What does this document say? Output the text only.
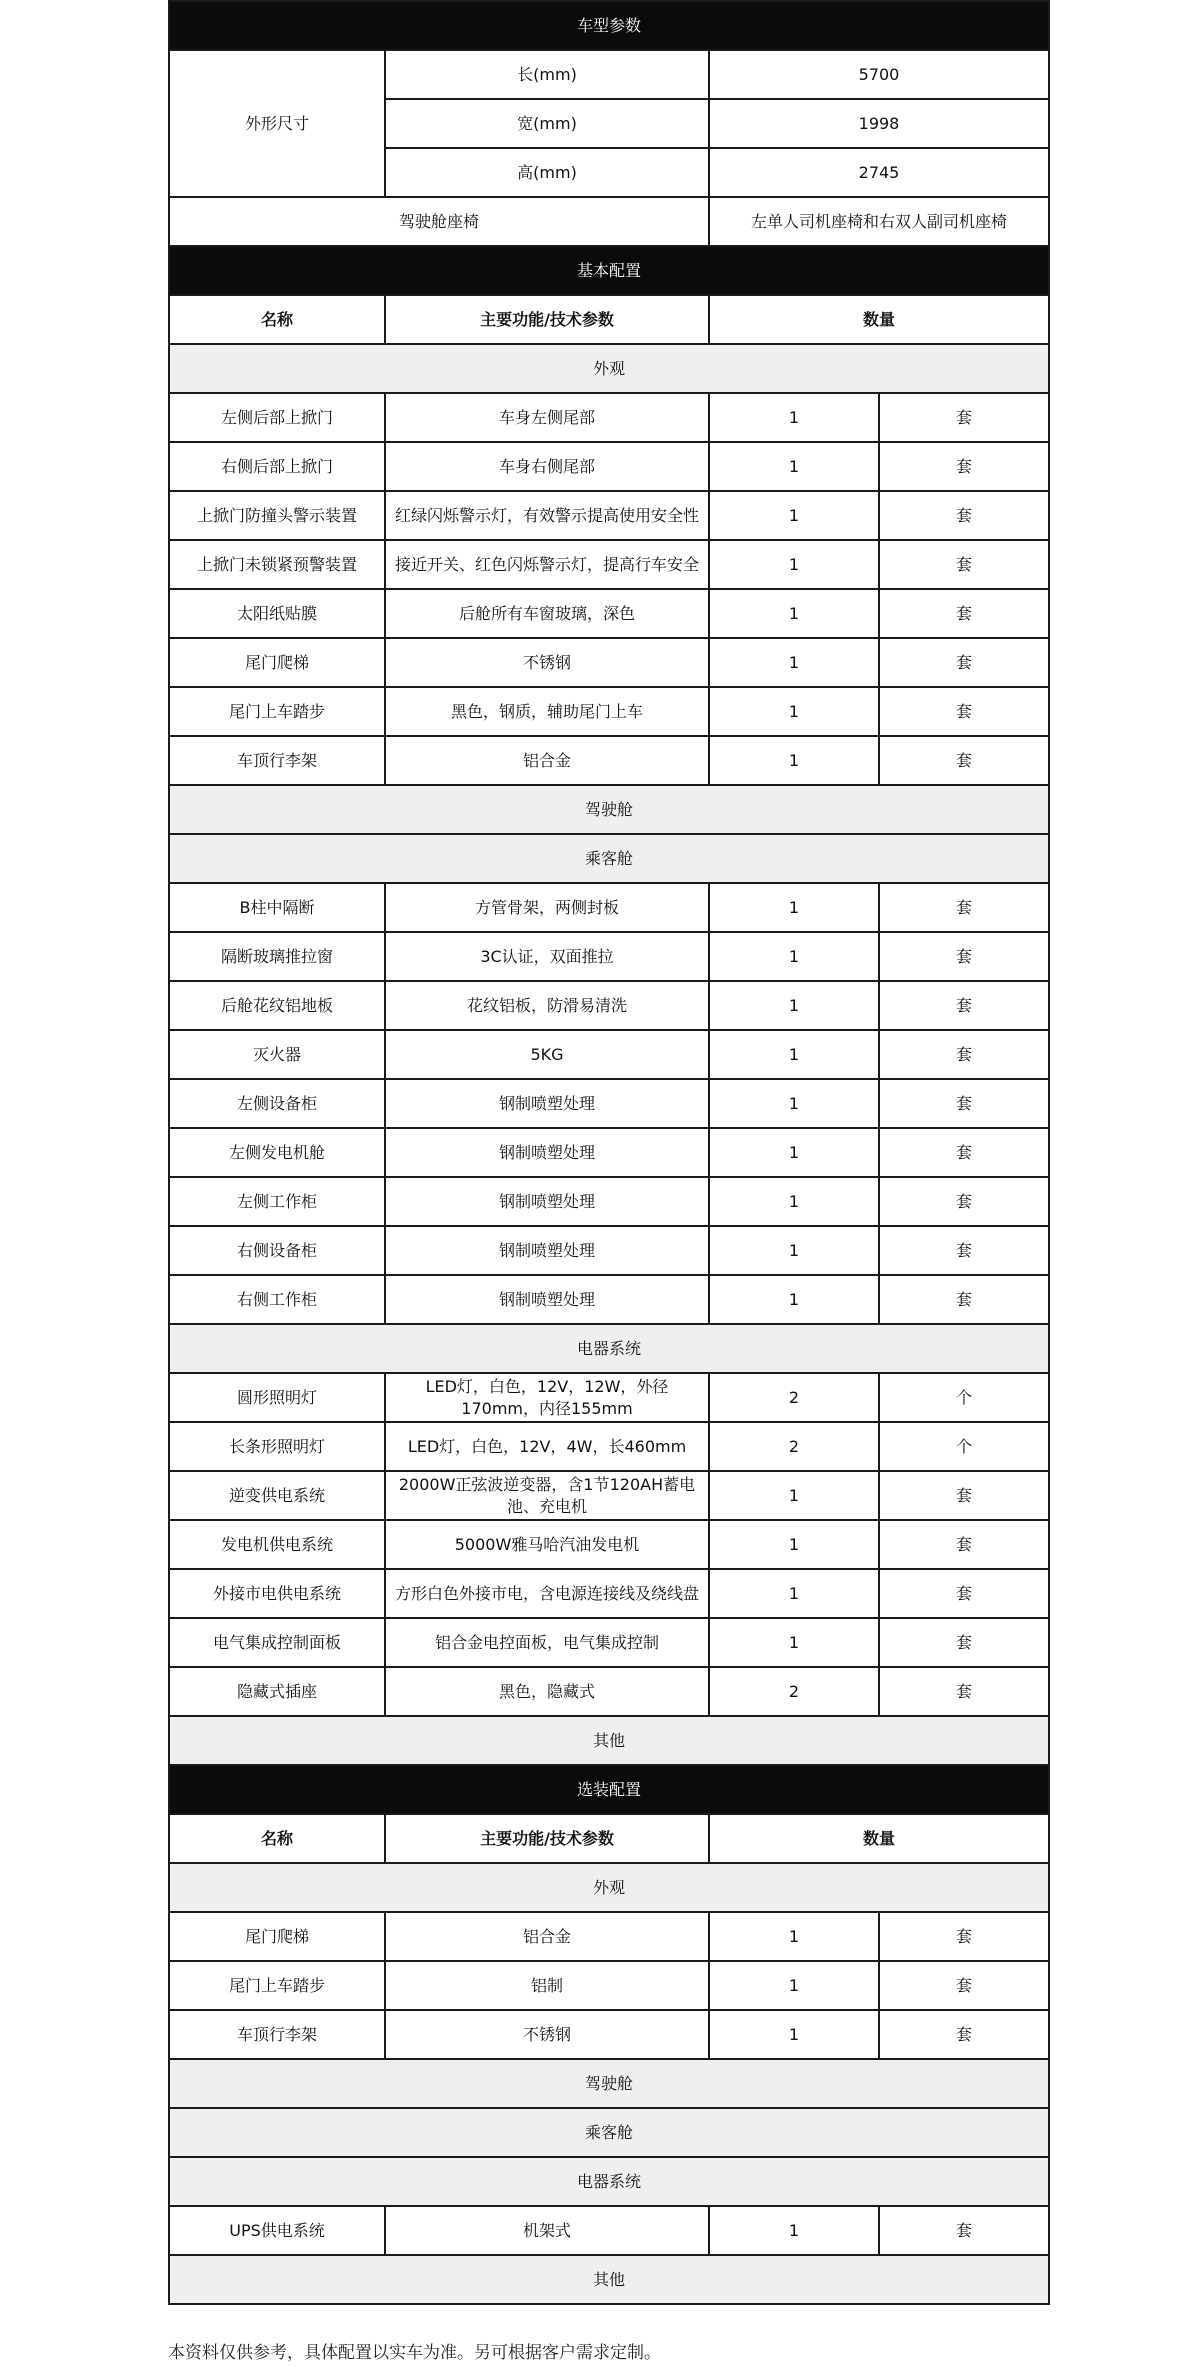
车型参数			
外形尺寸	长(mm)	5700	
	宽(mm)	1998	
	高(mm)	2745	
驾驶舱座椅		左单人司机座椅和右双人副司机座椅	
基本配置			
名称	主要功能/技术参数	数量	
外观			
左侧后部上掀门	车身左侧尾部	1	套
右侧后部上掀门	车身右侧尾部	1	套
上掀门防撞头警示装置	红绿闪烁警示灯，有效警示提高使用安全性	1	套
上掀门未锁紧预警装置	接近开关、红色闪烁警示灯，提高行车安全	1	套
太阳纸贴膜	后舱所有车窗玻璃，深色	1	套
尾门爬梯	不锈钢	1	套
尾门上车踏步	黑色，钢质，辅助尾门上车	1	套
车顶行李架	铝合金	1	套
驾驶舱			
乘客舱			
B柱中隔断	方管骨架，两侧封板	1	套
隔断玻璃推拉窗	3C认证，双面推拉	1	套
后舱花纹铝地板	花纹铝板，防滑易清洗	1	套
灭火器	5KG	1	套
左侧设备柜	钢制喷塑处理	1	套
左侧发电机舱	钢制喷塑处理	1	套
左侧工作柜	钢制喷塑处理	1	套
右侧设备柜	钢制喷塑处理	1	套
右侧工作柜	钢制喷塑处理	1	套
电器系统			
圆形照明灯	LED灯，白色，12V，12W，外径170mm，内径155mm	2	个
长条形照明灯	LED灯，白色，12V，4W，长460mm	2	个
逆变供电系统	2000W正弦波逆变器，含1节120AH蓄电池、充电机	1	套
发电机供电系统	5000W雅马哈汽油发电机	1	套
外接市电供电系统	方形白色外接市电，含电源连接线及绕线盘	1	套
电气集成控制面板	铝合金电控面板，电气集成控制	1	套
隐藏式插座	黑色，隐藏式	2	套
其他			
选装配置			
名称	主要功能/技术参数	数量	
外观			
尾门爬梯	铝合金	1	套
尾门上车踏步	铝制	1	套
车顶行李架	不锈钢	1	套
驾驶舱			
乘客舱			
电器系统			
UPS供电系统	机架式	1	套
其他			
本资料仅供参考，具体配置以实车为准。另可根据客户需求定制。
